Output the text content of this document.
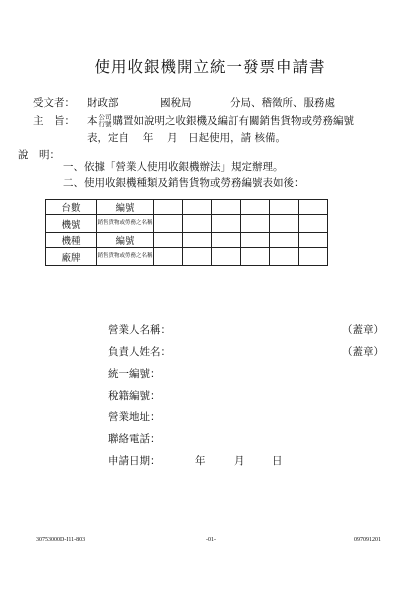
使用收銀機開立統一發票申請書
受文者： 財政部	國稅局	分局、稽徵所、服務處
主　旨： 本 公司
行號 購置如說明之收銀機及編訂有關銷售貨物或勞務編號
表，定自　 年　 月　日起使用，請 核備。
說　明：
一、依據「營業人使用收銀機辦法」規定辦理。
二、使用收銀機種類及銷售貨物或勞務編號表如後：
台數	編號						
機號	銷售貨物或勞務之名稱						
機種	編號						
廠牌	銷售貨物或勞務之名稱						
營業人名稱：	（蓋章）
負責人姓名：	（蓋章）
統一編號：
稅籍編號：
營業地址：
聯絡電話：
申請日期：	年	月	日
30753000D-I11-803	-01-	097091201
